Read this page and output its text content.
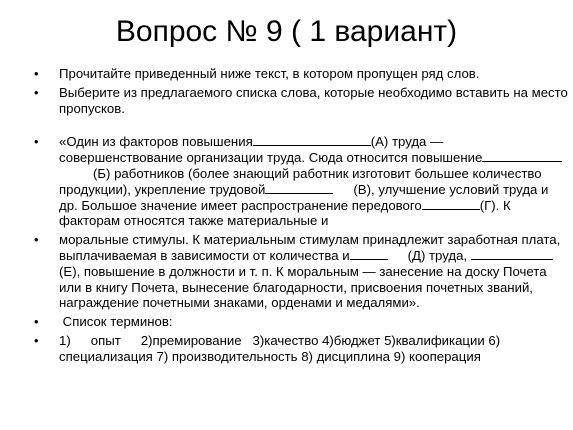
Вопрос № 9 ( 1 вариант)
• Прочитайте приведенный ниже текст, в котором пропущен ряд слов.
• Выберите из предлагаемого списка слова, которые необходимо вставить на место пропусков.
• «Один из факторов повышения	(А) труда — совершенствование организации труда. Сюда относится повышение(Б) работников (более знающий работник изготовит большее количество продукции), укрепление трудовой	(В), улучшение условий труда и др. Большое значение имеет распространение передового	(Г). К факторам относятся также материальные и
• моральные стимулы. К материальным стимулам принадлежит заработная плата, выплачиваемая в зависимости от количества и	(Д) труда,  (Е), повышение в должности и т. п. К моральным — занесение на доску Почета или в книгу Почета, вынесение благодарности, присвоения почетных званий, награждение почетными знаками, орденами и медалями».
• Список терминов:
• 1) опыт 2)премирование 3)качество 4)бюджет 5)квалификации 6) специализация 7) производительность 8) дисциплина 9) кооперация
